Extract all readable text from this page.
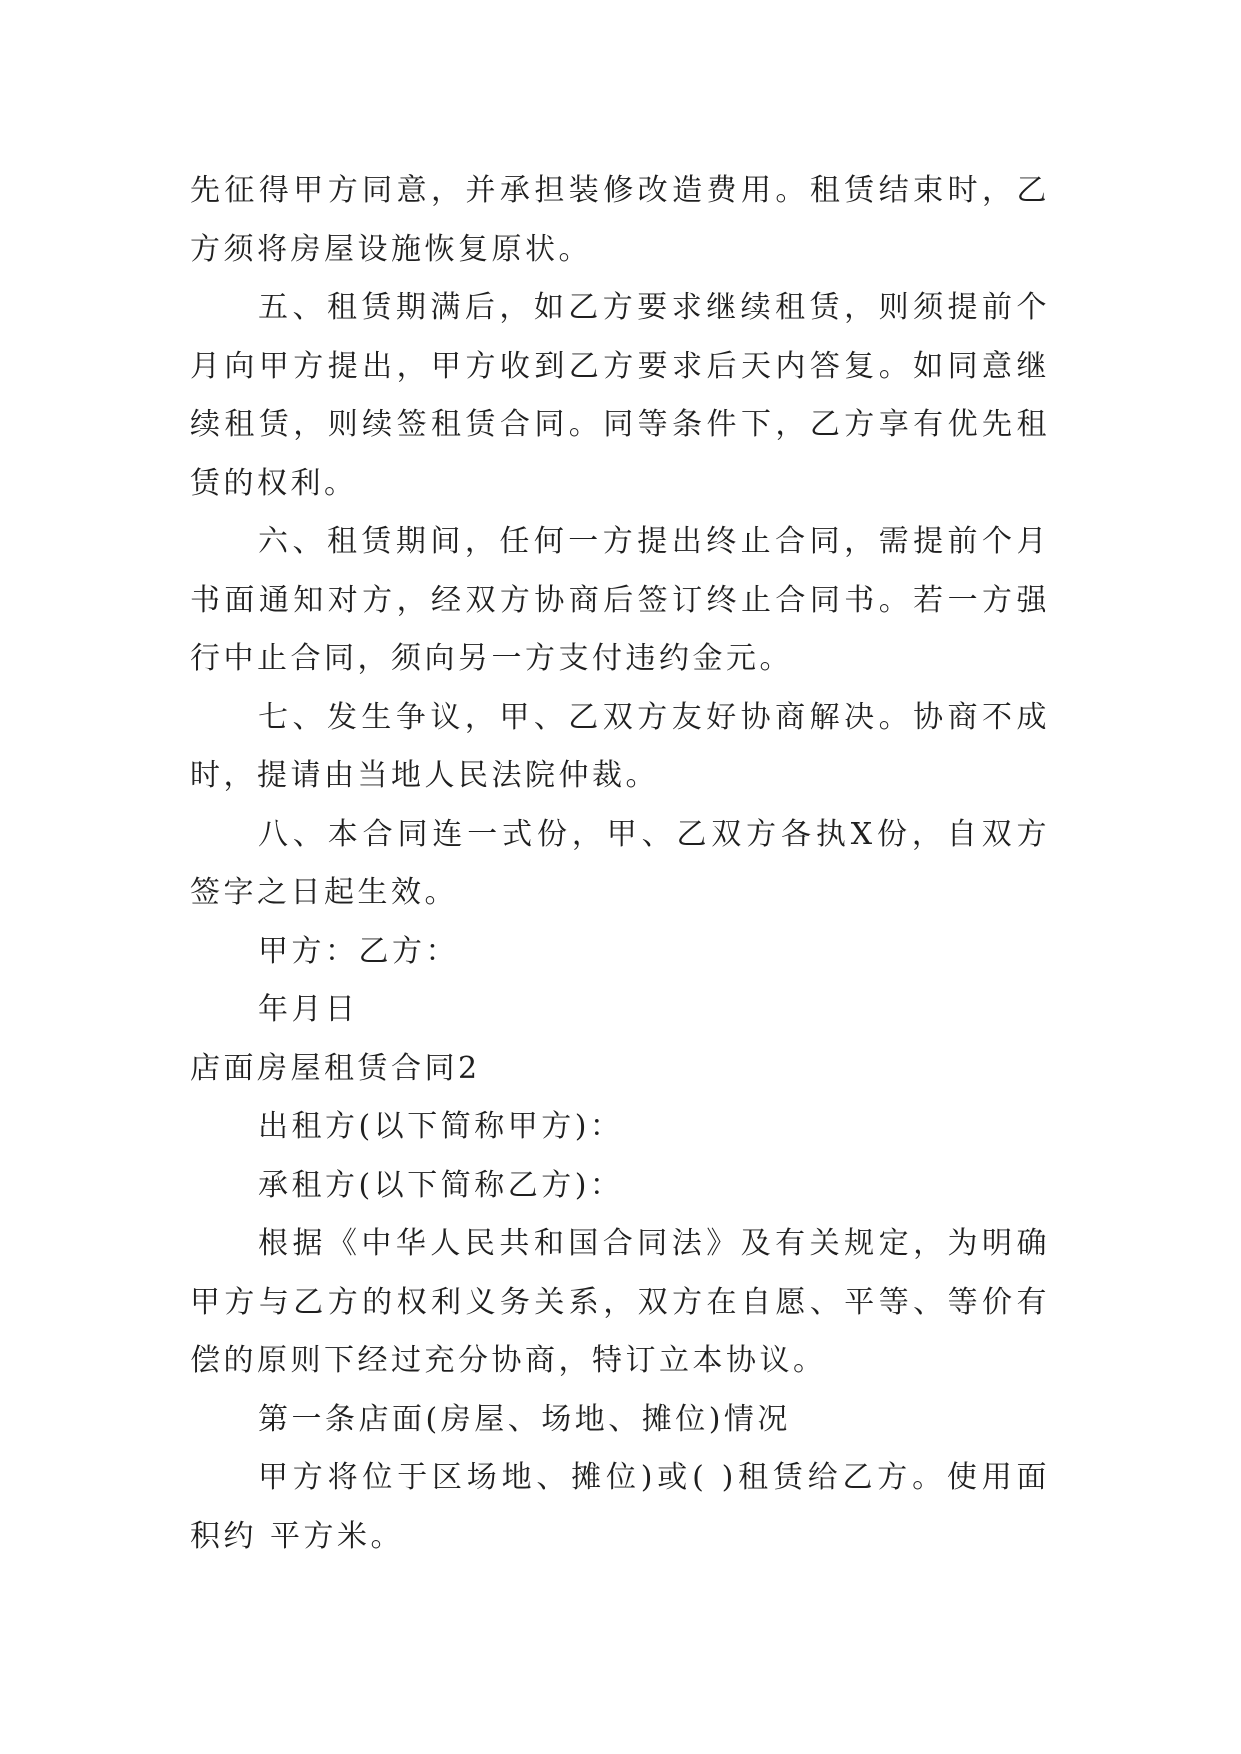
先征得甲方同意，并承担装修改造费用。租赁结束时，乙方须将房屋设施恢复原状。

五、租赁期满后，如乙方要求继续租赁，则须提前个月向甲方提出，甲方收到乙方要求后天内答复。如同意继续租赁，则续签租赁合同。同等条件下，乙方享有优先租赁的权利。

六、租赁期间，任何一方提出终止合同，需提前个月书面通知对方，经双方协商后签订终止合同书。若一方强行中止合同，须向另一方支付违约金元。

七、发生争议，甲、乙双方友好协商解决。协商不成时，提请由当地人民法院仲裁。

八、本合同连一式份，甲、乙双方各执X份，自双方签字之日起生效。

甲方：乙方：

年月日

店面房屋租赁合同2

出租方(以下简称甲方)：

承租方(以下简称乙方)：

根据《中华人民共和国合同法》及有关规定，为明确甲方与乙方的权利义务关系，双方在自愿、平等、等价有偿的原则下经过充分协商，特订立本协议。

第一条店面(房屋、场地、摊位)情况

甲方将位于区场地、摊位)或( )租赁给乙方。使用面积约 平方米。
